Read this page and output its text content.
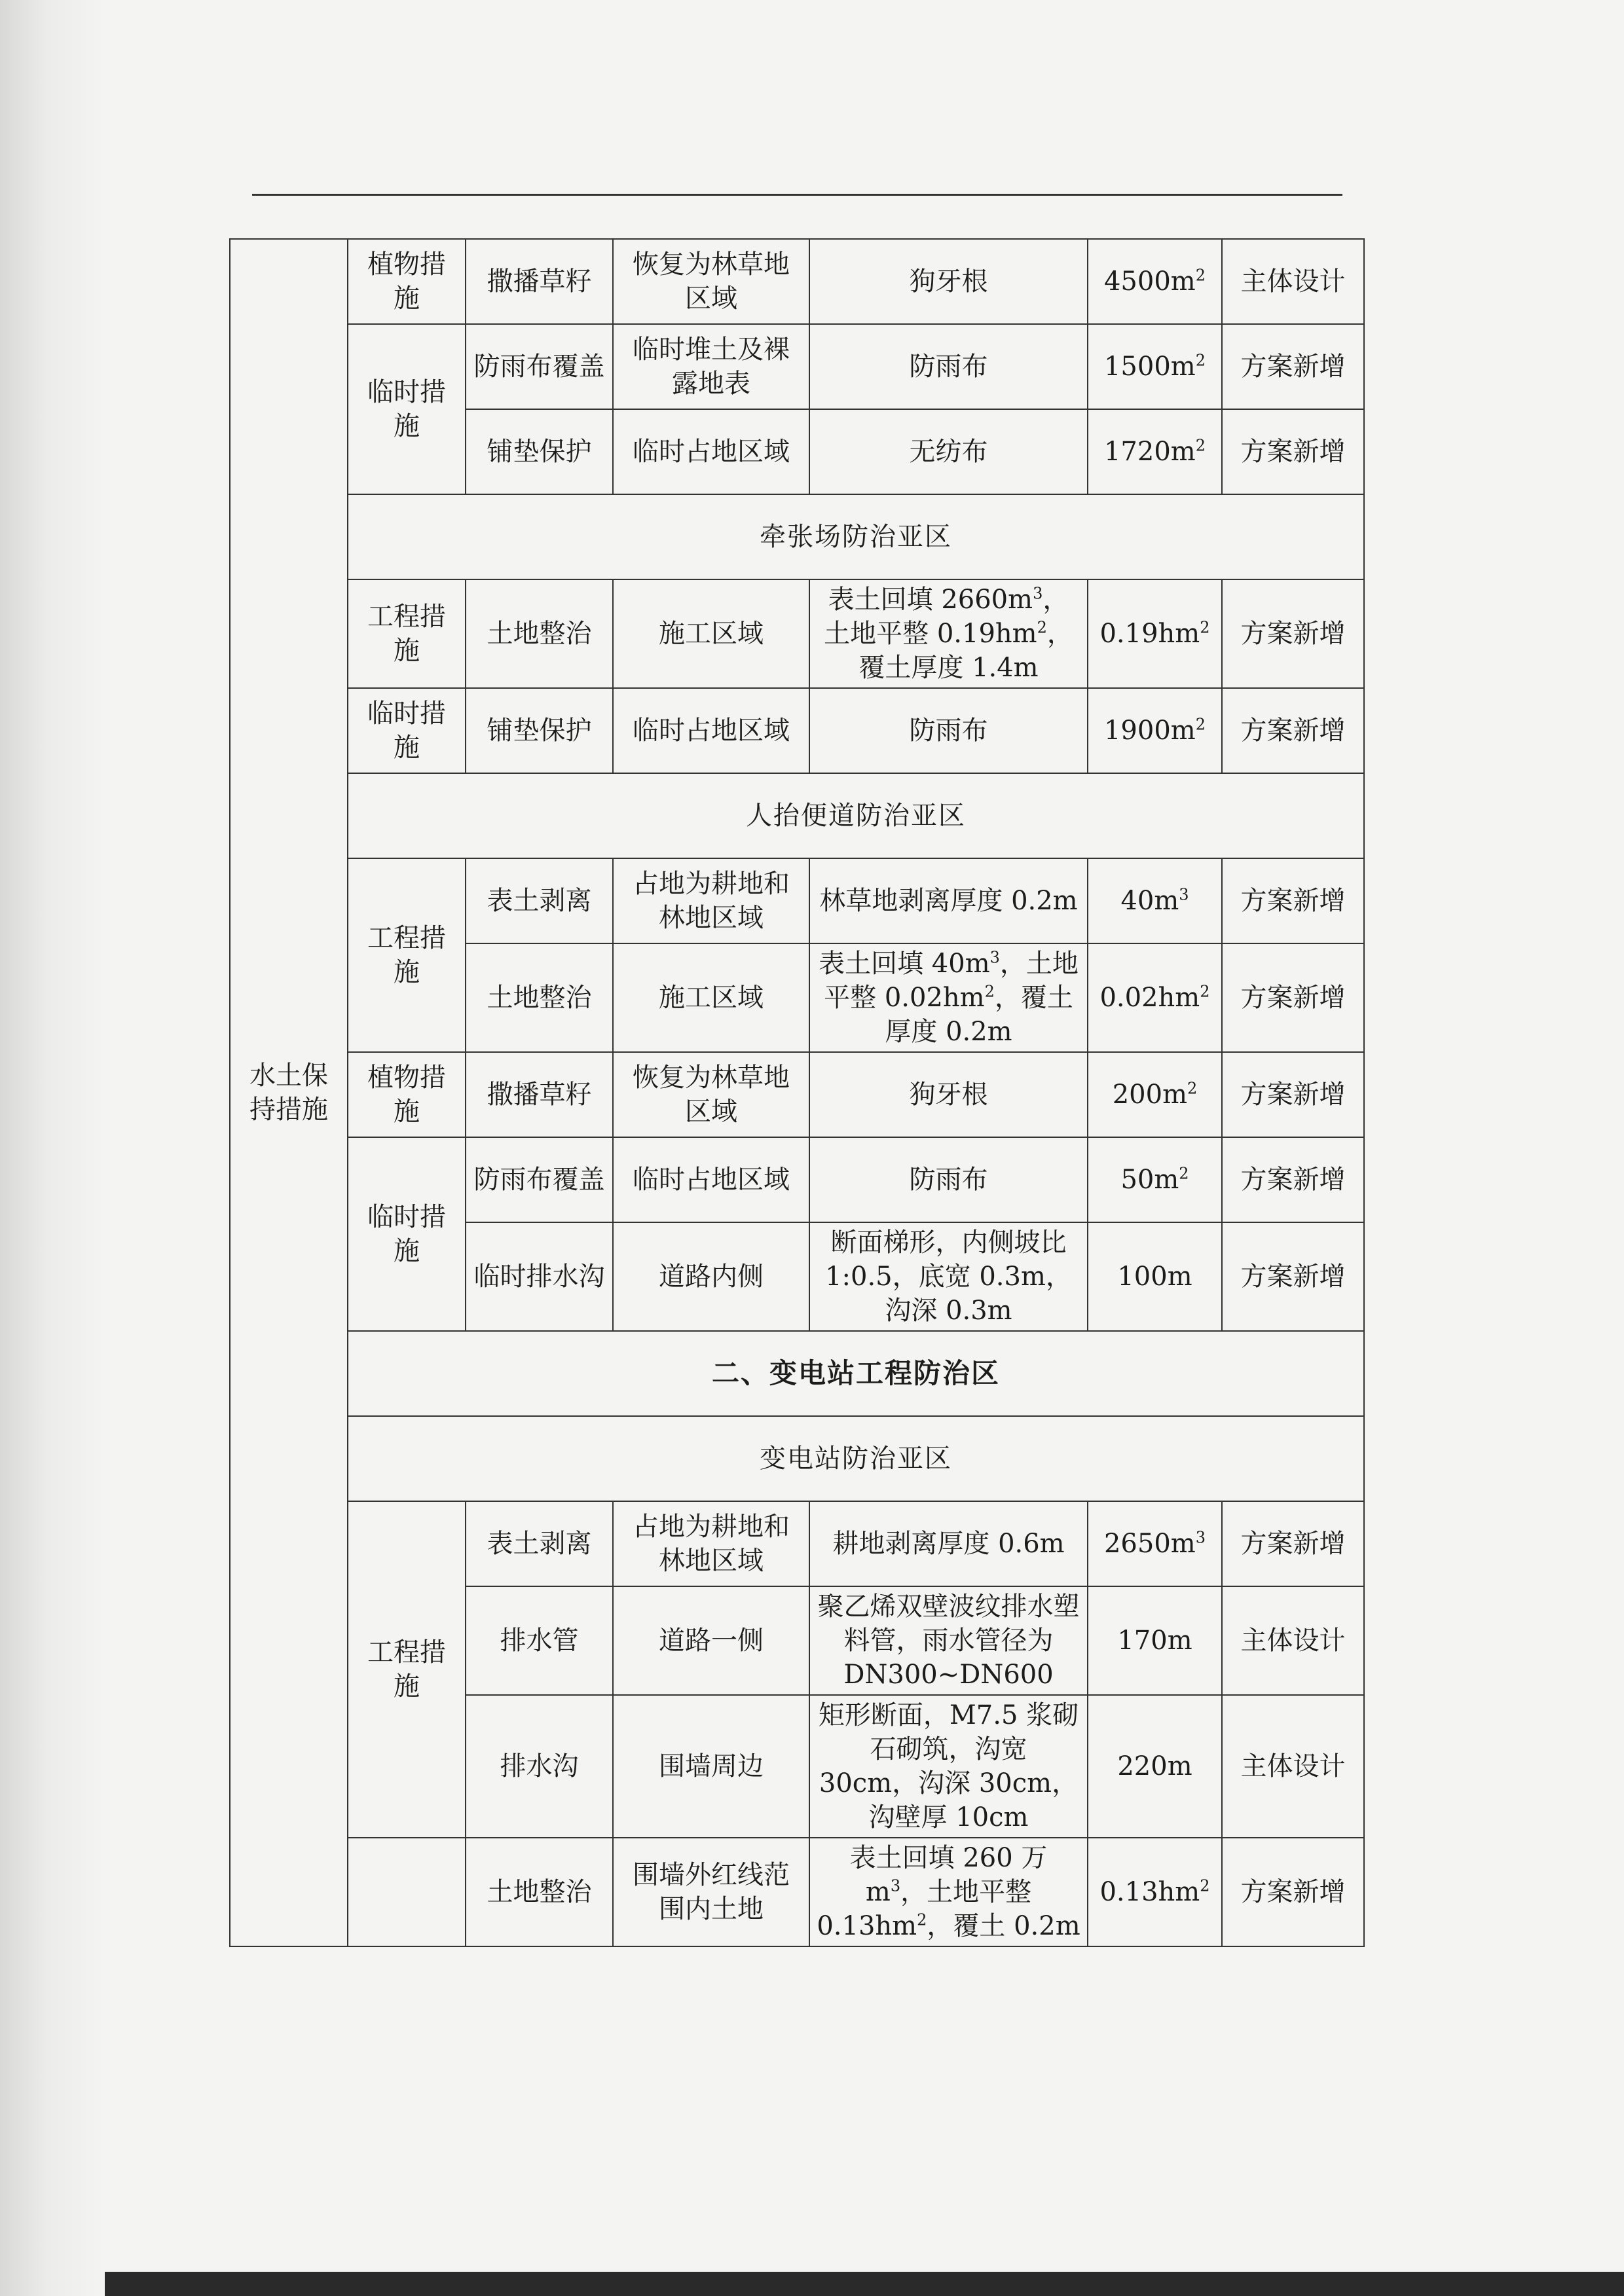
水土保持措施	植物措施	撒播草籽	恢复为林草地区域	狗牙根	$4500m^2$	主体设计
	临时措施	防雨布覆盖	临时堆土及裸露地表	防雨布	$1500m^2$	方案新增
		铺垫保护	临时占地区域	无纺布	$1720m^2$	方案新增
	牵张场防治亚区					
	工程措施	土地整治	施工区域	表土回填 $2660m^3$，土地平整 $0.19hm^2$，覆土厚度 1.4m	$0.19hm^2$	方案新增
	临时措施	铺垫保护	临时占地区域	防雨布	$1900m^2$	方案新增
	人抬便道防治亚区					
	工程措施	表土剥离	占地为耕地和林地区域	林草地剥离厚度 0.2m	$40m^3$	方案新增
		土地整治	施工区域	表土回填 $40m^3$，土地平整 $0.02hm^2$，覆土厚度 0.2m	$0.02hm^2$	方案新增
	植物措施	撒播草籽	恢复为林草地区域	狗牙根	$200m^2$	方案新增
	临时措施	防雨布覆盖	临时占地区域	防雨布	$50m^2$	方案新增
		临时排水沟	道路内侧	断面梯形，内侧坡比 1:0.5，底宽 0.3m，沟深 0.3m	100m	方案新增
	二、变电站工程防治区					
	变电站防治亚区					
	工程措施	表土剥离	占地为耕地和林地区域	耕地剥离厚度 0.6m	$2650m^3$	方案新增
		排水管	道路一侧	聚乙烯双壁波纹排水塑料管，雨水管径为 DN300~DN600	170m	主体设计
		排水沟	围墙周边	矩形断面，M7.5 浆砌石砌筑，沟宽 30cm，沟深 30cm，沟壁厚 10cm	220m	主体设计
		土地整治	围墙外红线范围内土地	表土回填 260 万 $m^3$，土地平整 $0.13hm^2$，覆土 0.2m	$0.13hm^2$	方案新增
